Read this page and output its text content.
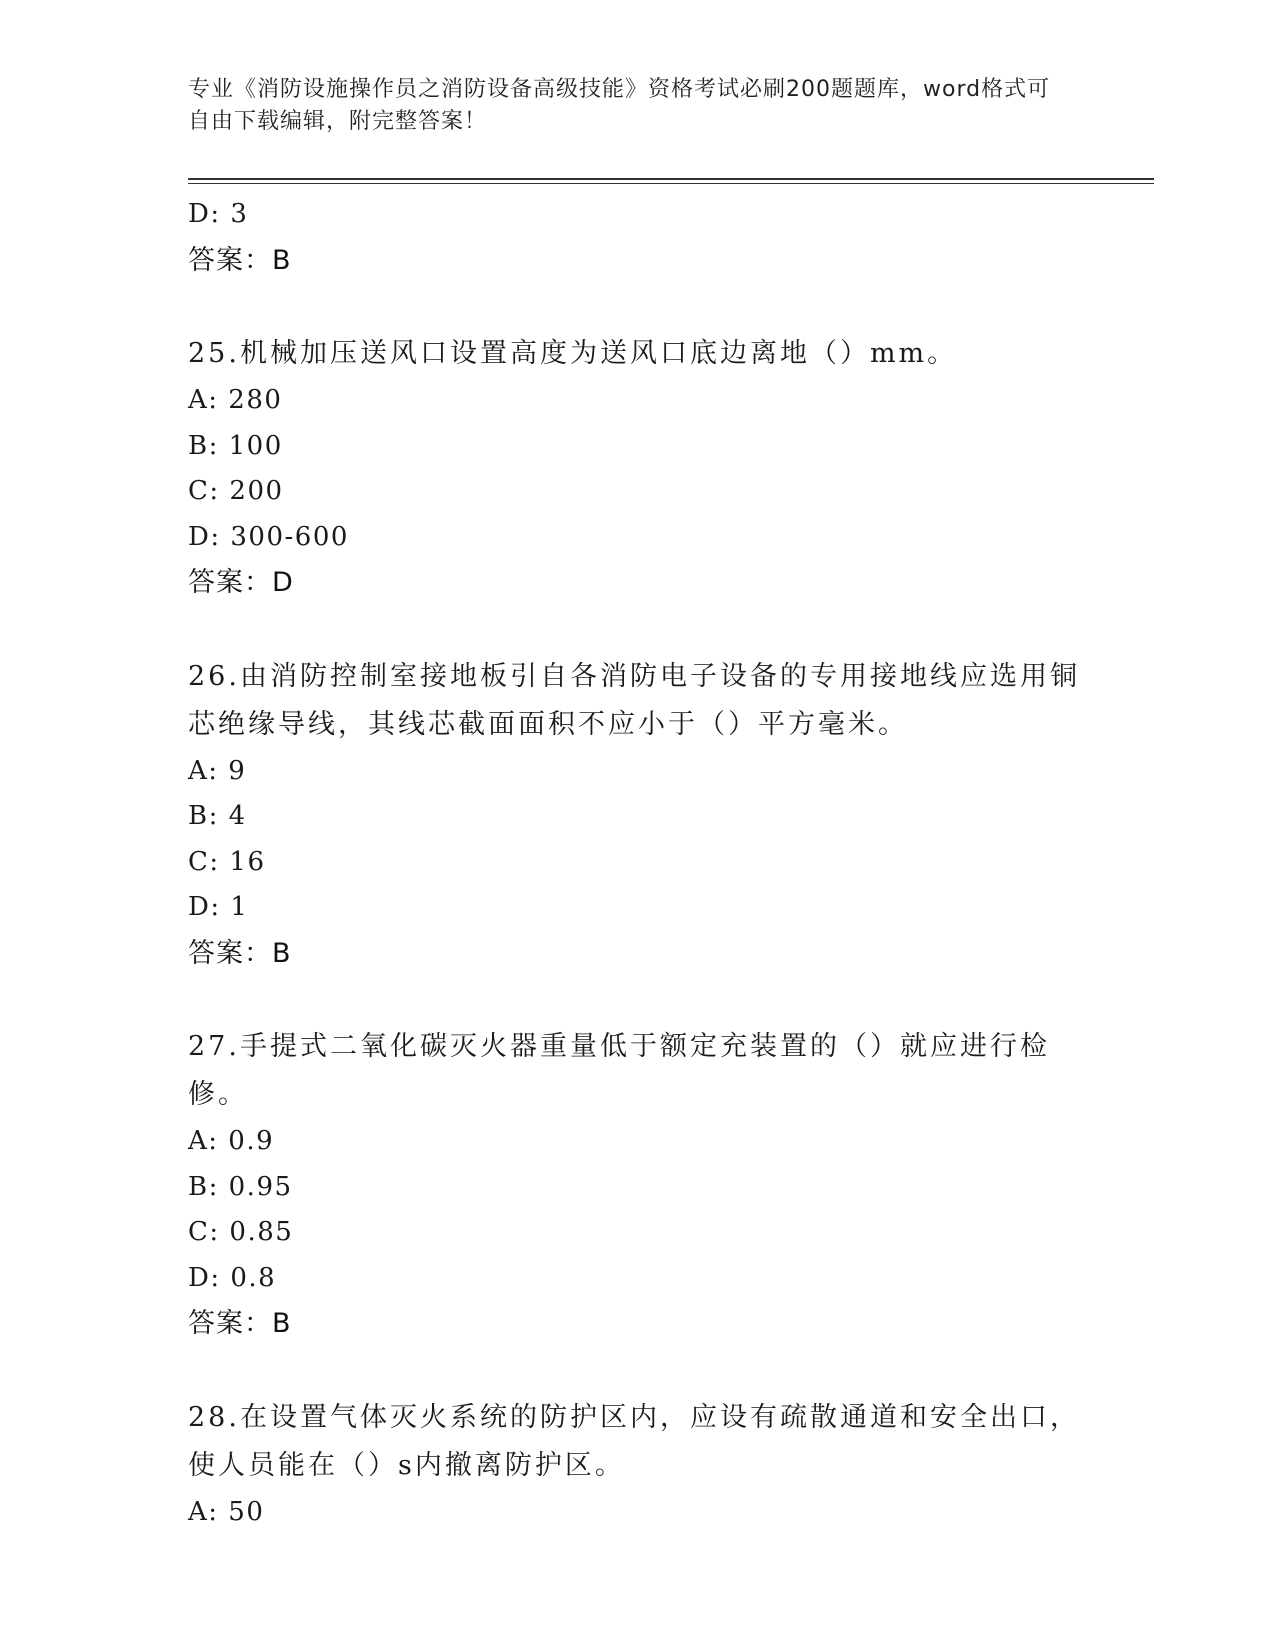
专业《消防设施操作员之消防设备高级技能》资格考试必刷200题题库，word格式可自由下载编辑，附完整答案！
D: 3
答案：B
25.机械加压送风口设置高度为送风口底边离地（）mm。
A: 280
B: 100
C: 200
D: 300-600
答案：D
26.由消防控制室接地板引自各消防电子设备的专用接地线应选用铜芯绝缘导线，其线芯截面面积不应小于（）平方毫米。
A: 9
B: 4
C: 16
D: 1
答案：B
27.手提式二氧化碳灭火器重量低于额定充装置的（）就应进行检修。
A: 0.9
B: 0.95
C: 0.85
D: 0.8
答案：B
28.在设置气体灭火系统的防护区内，应设有疏散通道和安全出口，使人员能在（）s内撤离防护区。
A: 50
